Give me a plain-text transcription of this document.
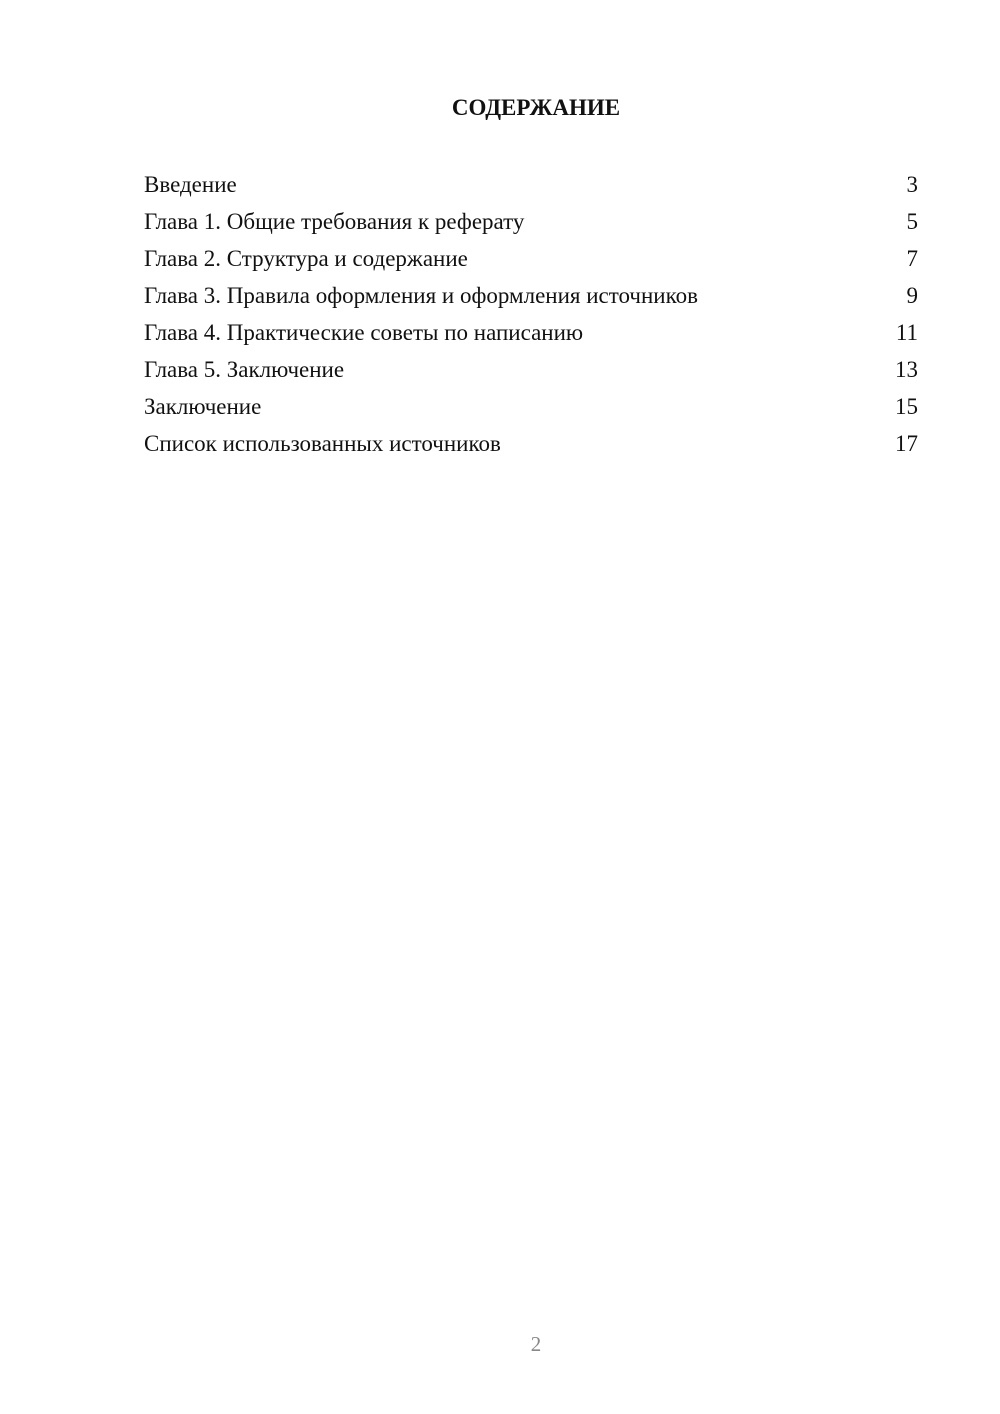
СОДЕРЖАНИЕ
Введение	3
Глава 1. Общие требования к реферату	5
Глава 2. Структура и содержание	7
Глава 3. Правила оформления и оформления источников	9
Глава 4. Практические советы по написанию	11
Глава 5. Заключение	13
Заключение	15
Список использованных источников	17
2
